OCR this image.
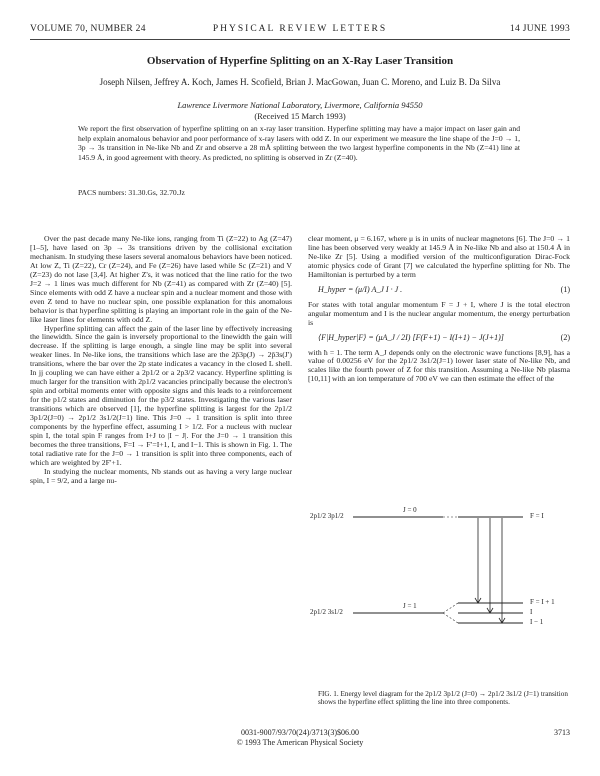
VOLUME 70, NUMBER 24	PHYSICAL REVIEW LETTERS	14 JUNE 1993
Observation of Hyperfine Splitting on an X-Ray Laser Transition
Joseph Nilsen, Jeffrey A. Koch, James H. Scofield, Brian J. MacGowan, Juan C. Moreno, and Luiz B. Da Silva
Lawrence Livermore National Laboratory, Livermore, California 94550
(Received 15 March 1993)
We report the first observation of hyperfine splitting on an x-ray laser transition. Hyperfine splitting may have a major impact on laser gain and help explain anomalous behavior and poor performance of x-ray lasers with odd Z. In our experiment we measure the line shape of the J=0 → 1, 3p → 3s transition in Ne-like Nb and Zr and observe a 28 mÅ splitting between the two largest hyperfine components in the Nb (Z=41) line at 145.9 Å, in good agreement with theory. As predicted, no splitting is observed in Zr (Z=40).
PACS numbers: 31.30.Gs, 32.70.Jz

Over the past decade many Ne-like ions, ranging from Ti (Z=22) to Ag (Z=47) [1–5], have lased on 3p → 3s transitions driven by the collisional excitation mechanism. In studying these lasers several anomalous behaviors have been noticed. At low Z, Ti (Z=22), Cr (Z=24), and Fe (Z=26) have lased while Sc (Z=21) and V (Z=23) do not lase [3,4]. At higher Z's, it was noticed that the line ratio for the two J=2 → 1 lines was much different for Nb (Z=41) as compared with Zr (Z=40) [5]. Since elements with odd Z have a nuclear spin and a nuclear moment and those with even Z tend to have no nuclear spin, one possible explanation for this anomalous behavior is that hyperfine splitting is playing an important role in the gain of the Ne-like laser lines for elements with odd Z.

Hyperfine splitting can affect the gain of the laser line by effectively increasing the linewidth. Since the gain is inversely proportional to the linewidth the gain will decrease. If the splitting is large enough, a single line may be split into several weaker lines. In Ne-like ions, the transitions which lase are the 2p̄3p(J) → 2p̄3s(J′) transitions, where the bar over the 2p state indicates a vacancy in the closed L shell. In jj coupling we can have either a 2p1/2 or a 2p3/2 vacancy. Hyperfine splitting is much larger for the transition with 2p1/2 vacancies principally because the electron's spin and orbital moments enter with opposite signs and this leads to a reinforcement for the p1/2 states and diminution for the p3/2 states. Investigating the various laser transitions which are observed [1], the hyperfine splitting is largest for the 2p1/2 3p1/2(J=0) → 2p1/2 3s1/2(J=1) line. This J=0 → 1 transition is split into three components by the hyperfine effect, assuming I > 1/2. For a nucleus with nuclear spin I, the total spin F ranges from I+J to |I − J|. For the J=0 → 1 transition this becomes the three transitions, F=I → F′=I+1, I, and I−1. This is shown in Fig. 1. The total radiative rate for the J=0 → 1 transition is split into three components, each of which are weighted by 2F′+1.

In studying the nuclear moments, Nb stands out as having a very large nuclear spin, I = 9/2, and a large nu-

clear moment, μ = 6.167, where μ is in units of nuclear magnetons [6]. The J=0 → 1 line has been observed very weakly at 145.9 Å in Ne-like Nb and also at 150.4 Å in Ne-like Zr [5]. Using a modified version of the multiconfiguration Dirac-Fock atomic physics code of Grant [7] we calculated the hyperfine splitting for Nb. The Hamiltonian is perturbed by a term

H_hyper = (μ/I) A_J I · J .	(1)

For states with total angular momentum F = J + I, where J is the total electron angular momentum and I is the nuclear angular momentum, the energy perturbation is

⟨F|H_hyper|F⟩ = (μA_J / 2I) [F(F+1) − I(I+1) − J(J+1)]	(2)

with ħ = 1. The term A_J depends only on the electronic wave functions [8,9], has a value of 0.00256 eV for the 2p1/2 3s1/2(J=1) lower laser state of Ne-like Nb, and scales like the fourth power of Z for this transition. Assuming a Ne-like Nb plasma [10,11] with an ion temperature of 700 eV we can then estimate the effect of the

2p1/2 3p1/2
J = 0
F = I
2p1/2 3s1/2
J = 1	F = I + 1
I
I − 1
FIG. 1. Energy level diagram for the 2p1/2 3p1/2 (J=0) → 2p1/2 3s1/2 (J=1) transition shows the hyperfine effect splitting the line into three components.
0031-9007/93/70(24)/3713(3)$06.00
© 1993 The American Physical Society
3713
